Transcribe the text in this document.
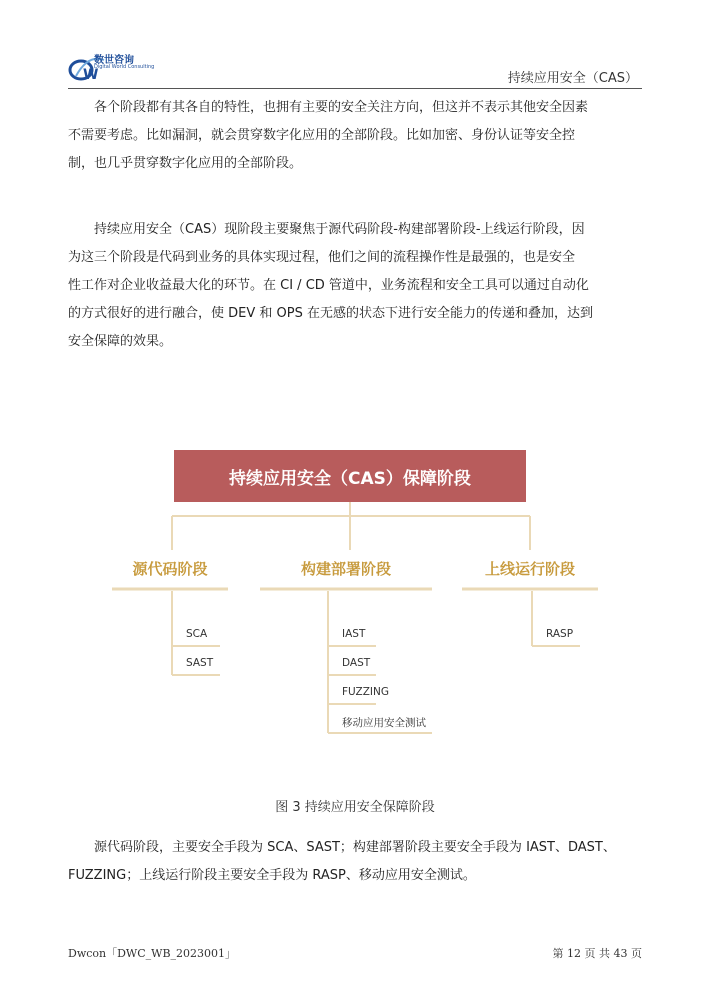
W
数世咨询
Digital World Consulting
持续应用安全（CAS）
各个阶段都有其各自的特性，也拥有主要的安全关注方向，但这并不表示其他安全因素
不需要考虑。比如漏洞，就会贯穿数字化应用的全部阶段。比如加密、身份认证等安全控
制，也几乎贯穿数字化应用的全部阶段。
持续应用安全（CAS）现阶段主要聚焦于源代码阶段-构建部署阶段-上线运行阶段，因
为这三个阶段是代码到业务的具体实现过程，他们之间的流程操作性是最强的，也是安全
性工作对企业收益最大化的环节。在 CI / CD 管道中，业务流程和安全工具可以通过自动化
的方式很好的进行融合，使 DEV 和 OPS 在无感的状态下进行安全能力的传递和叠加，达到
安全保障的效果。
持续应用安全（CAS）保障阶段
源代码阶段	构建部署阶段	上线运行阶段
SCA
SAST
IAST
DAST
FUZZING
移动应用安全测试
RASP
图 3 持续应用安全保障阶段
源代码阶段，主要安全手段为 SCA、SAST；构建部署阶段主要安全手段为 IAST、DAST、
FUZZING；上线运行阶段主要安全手段为 RASP、移动应用安全测试。
Dwcon「DWC_WB_2023001」	第 12 页 共 43 页
